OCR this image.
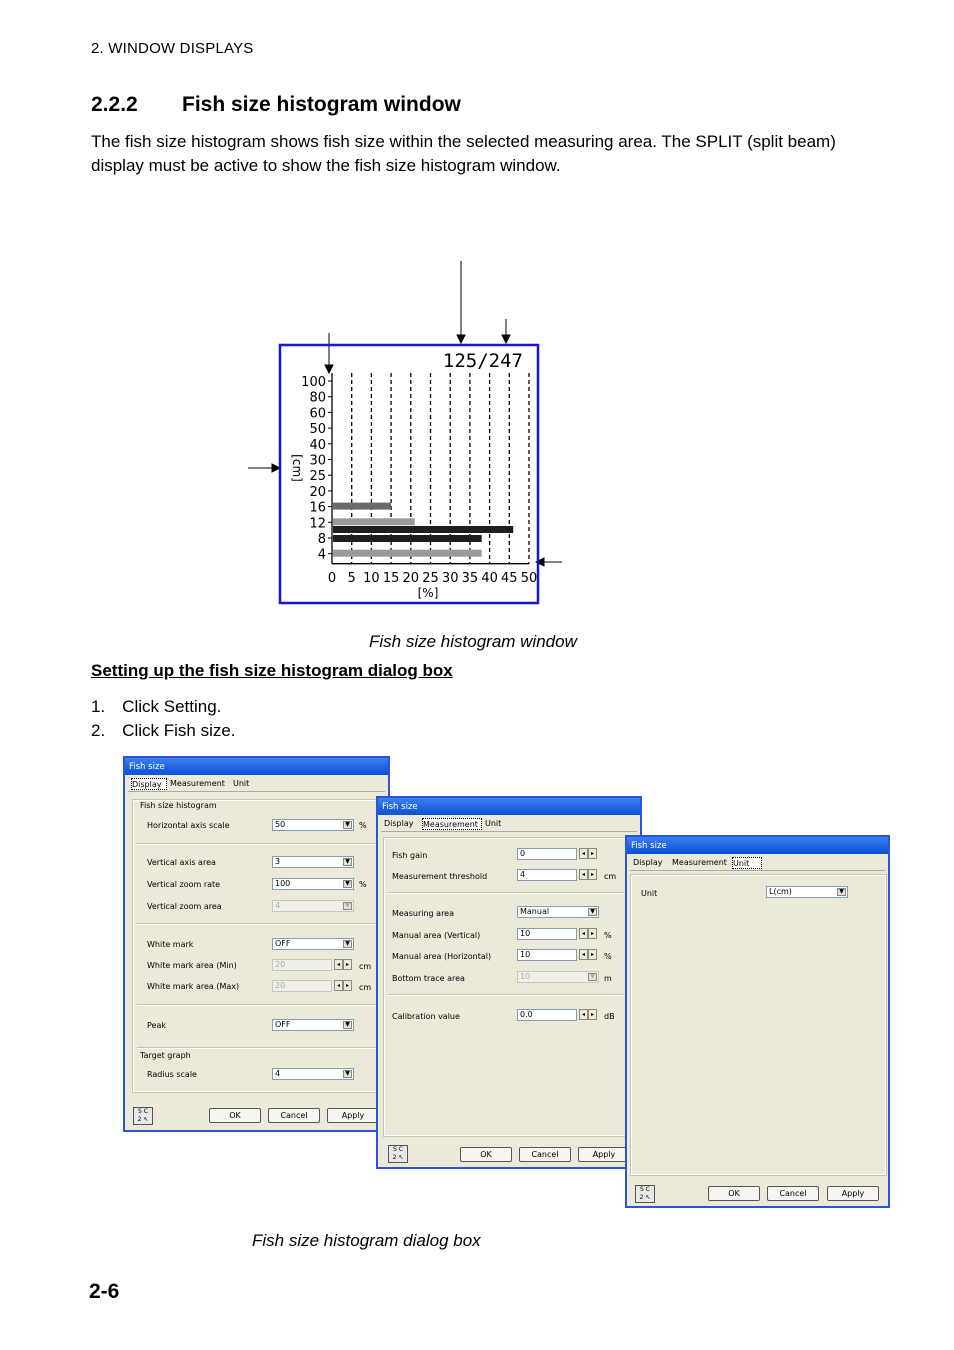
2. WINDOW DISPLAYS
2.2.2 Fish size histogram window
The fish size histogram shows fish size within the selected measuring area. The SPLIT (split beam) display must be active to show the fish size histogram window.
100
80
60
50
40
30
25
20
16
12
8
4
0 5 10 15 20 25 30 35 40 45 50
125/247
[cm]
[%]
Fish size histogram window
Setting up the fish size histogram dialog box
1. Click Setting.
2. Click Fish size.
Fish size
Display	Measurement	Unit
Fish size histogram
Horizontal axis scale	50	▼ %
Vertical axis area	3	▼
Vertical zoom rate	100	▼ %
Vertical zoom area	4	▼
White mark	OFF	▼
White mark area (Min)	20	◂ ▸	cm
White mark area (Max)	20	◂ ▸	cm
Peak	OFF	▼
Target graph
Radius scale	4	▼
S C
2 ↖	OK	Cancel	Apply
Fish size
Display	Measurement Unit
Fish gain	0	◂ ▸
Measurement threshold	4	◂ ▸	cm
Measuring area	Manual	▼
Manual area (Vertical)	10	◂ ▸	%
Manual area (Horizontal)	10	◂ ▸	%
Bottom trace area	10	▼ m
Calibration value	0.0	◂ ▸	dB
S C
2 ↖	OK	Cancel	Apply
Fish size
Display	Measurement Unit
Unit	L(cm)	▼
S C
2 ↖	OK	Cancel	Apply
Fish size histogram dialog box
2-6
